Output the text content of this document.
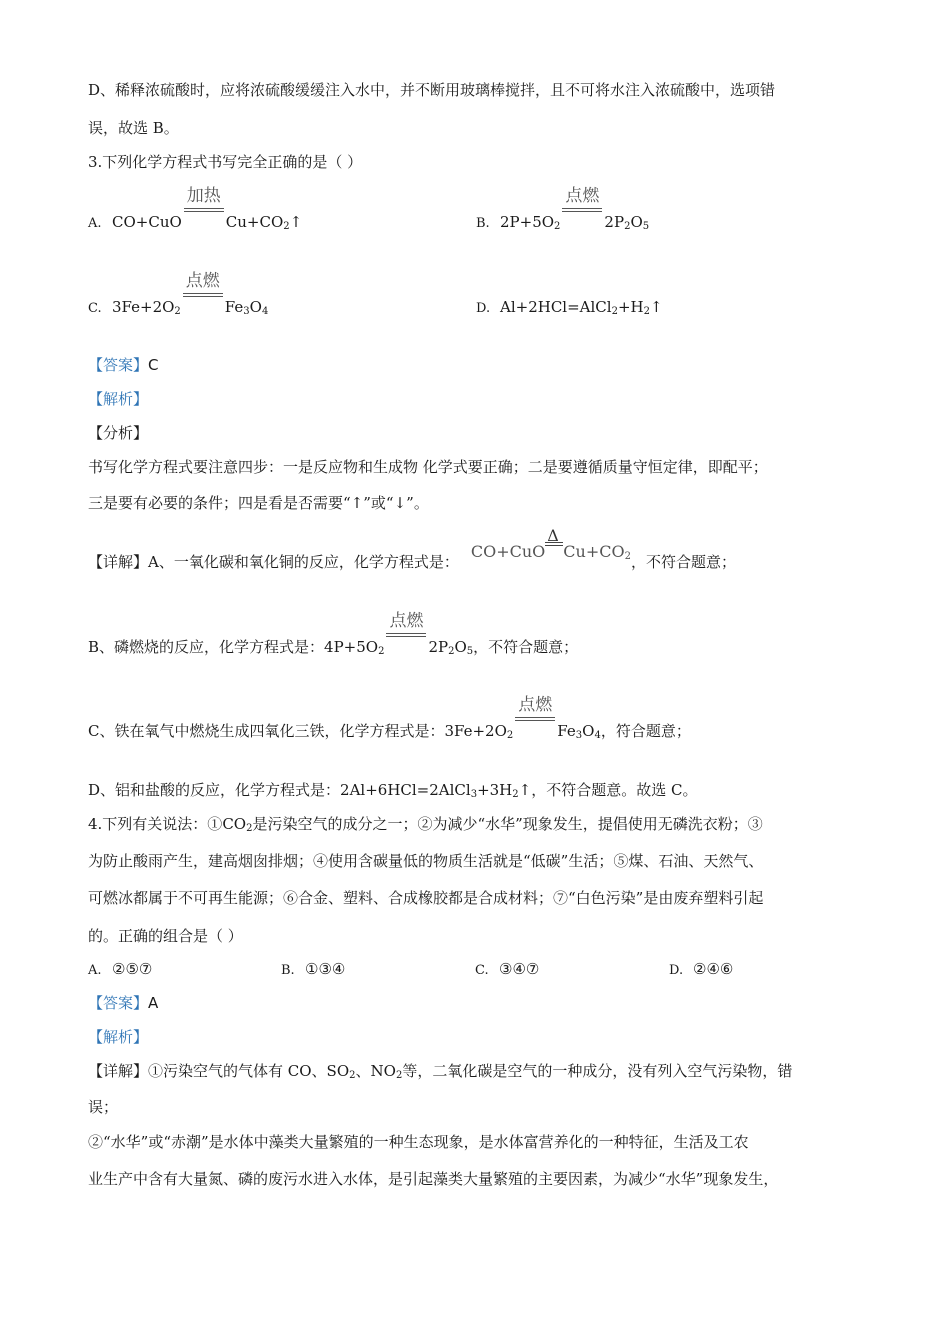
D、稀释浓硫酸时，应将浓硫酸缓缓注入水中，并不断用玻璃棒搅拌，且不可将水注入浓硫酸中，选项错
误，故选 B。
3.下列化学方程式书写完全正确的是（ ）
A. CO+CuO
加热
$Cu+CO_2↑$	B. $2P+5O_2$
点燃
$2P_2O_5$
C. $3Fe+2O_2$
点燃
$Fe_3O_4$	D. $Al+2HCl=AlCl_2+H_2↑$
【答案】C
【解析】
【分析】
书写化学方程式要注意四步：一是反应物和生成物 化学式要正确；二是要遵循质量守恒定律，即配平；
三是要有必要的条件；四是看是否需要“↑”或“↓”。
【详解】A、一氧化碳和氧化铜的反应，化学方程式是：CO+CuO
Δ
$Cu+CO_2$，不符合题意；
B、磷燃烧的反应，化学方程式是：$4P+5O_2$
点燃
$2P_2O_5$，不符合题意；
C、铁在氧气中燃烧生成四氧化三铁，化学方程式是：$3Fe+2O_2$
点燃
$Fe_3O_4$，符合题意；
D、铝和盐酸的反应，化学方程式是：$2Al+6HCl=2AlCl_3+3H_2↑$，不符合题意。故选 C。
4.下列有关说法：$①CO_2$是污染空气的成分之一；②为减少“水华”现象发生，提倡使用无磷洗衣粉；③
为防止酸雨产生，建高烟囱排烟；④使用含碳量低的物质生活就是“低碳”生活；⑤煤、石油、天然气、
可燃冰都属于不可再生能源；⑥合金、塑料、合成橡胶都是合成材料；⑦“白色污染”是由废弃塑料引起
的。正确的组合是（ ）
A. ②⑤⑦	B. ①③④	C. ③④⑦	D. ②④⑥
【答案】A
【解析】
【详解】①污染空气的气体有 CO、$SO_2$、$NO_2$等，二氧化碳是空气的一种成分，没有列入空气污染物，错
误；
②“水华”或“赤潮”是水体中藻类大量繁殖的一种生态现象，是水体富营养化的一种特征，生活及工农
业生产中含有大量氮、磷的废污水进入水体，是引起藻类大量繁殖的主要因素，为减少“水华”现象发生，
